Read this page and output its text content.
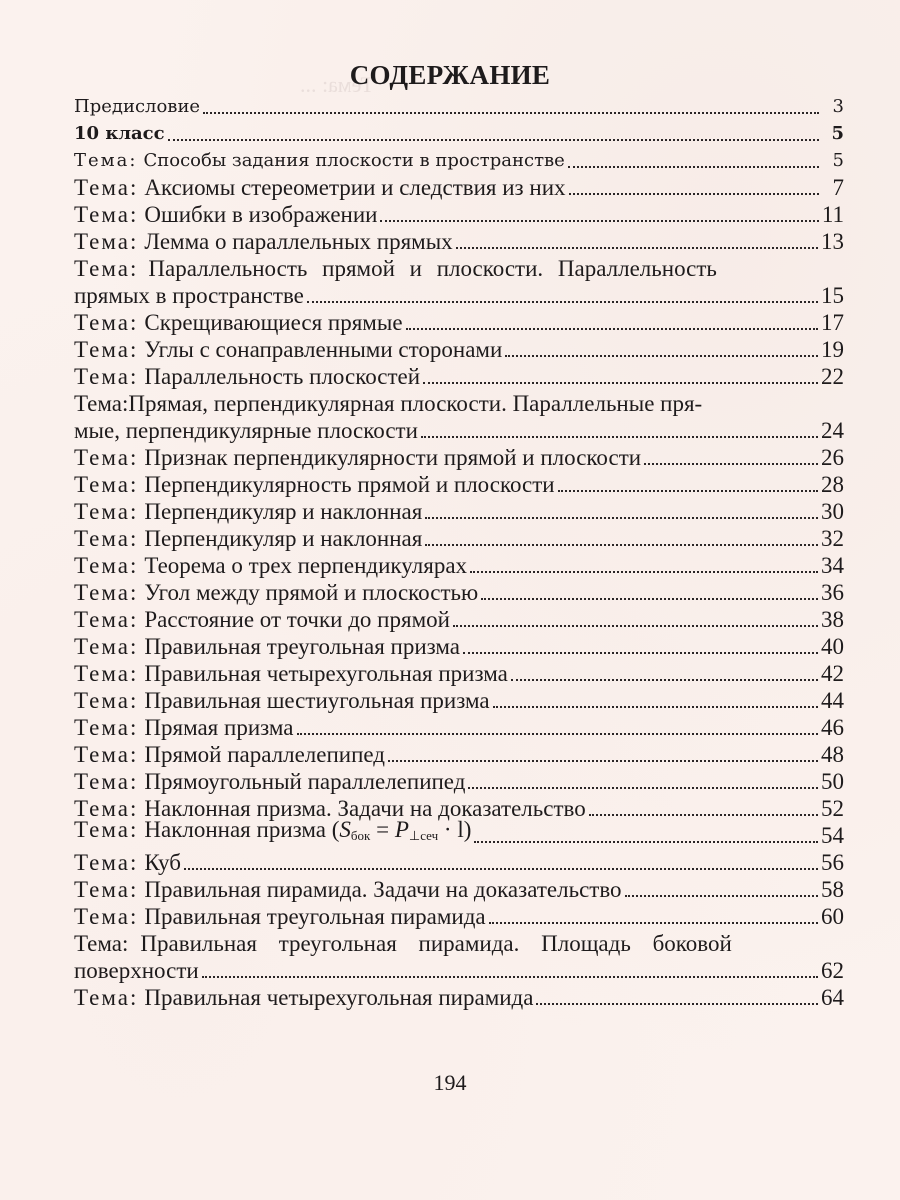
Тема: ...
СОДЕРЖАНИЕ
Предисловие	3
10 класс	5
Тема: Способы задания плоскости в пространстве	5
Тема: Аксиомы стереометрии и следствия из них	7
Тема: Ошибки в изображении	11
Тема: Лемма о параллельных прямых	13
Тема: Параллельность прямой и плоскости. Параллельность
прямых в пространстве	15
Тема: Скрещивающиеся прямые	17
Тема: Углы с сонаправленными сторонами	19
Тема: Параллельность плоскостей	22
Тема:Прямая, перпендикулярная плоскости. Параллельные пря-
мые, перпендикулярные плоскости	24
Тема: Признак перпендикулярности прямой и плоскости	26
Тема: Перпендикулярность прямой и плоскости	28
Тема: Перпендикуляр и наклонная	30
Тема: Перпендикуляр и наклонная	32
Тема: Теорема о трех перпендикулярах	34
Тема: Угол между прямой и плоскостью	36
Тема: Расстояние от точки до прямой	38
Тема: Правильная треугольная призма	40
Тема: Правильная четырехугольная призма	42
Тема: Правильная шестиугольная призма	44
Тема: Прямая призма	46
Тема: Прямой параллелепипед	48
Тема: Прямоугольный параллелепипед	50
Тема: Наклонная призма. Задачи на доказательство	52
Тема: Наклонная призма $(S_{бок} = P_{\perp сеч} \cdot l)$	54
Тема: Куб	56
Тема: Правильная пирамида. Задачи на доказательство	58
Тема: Правильная треугольная пирамида	60
Тема: Правильная треугольная пирамида. Площадь боковой
поверхности	62
Тема: Правильная четырехугольная пирамида	64
194
